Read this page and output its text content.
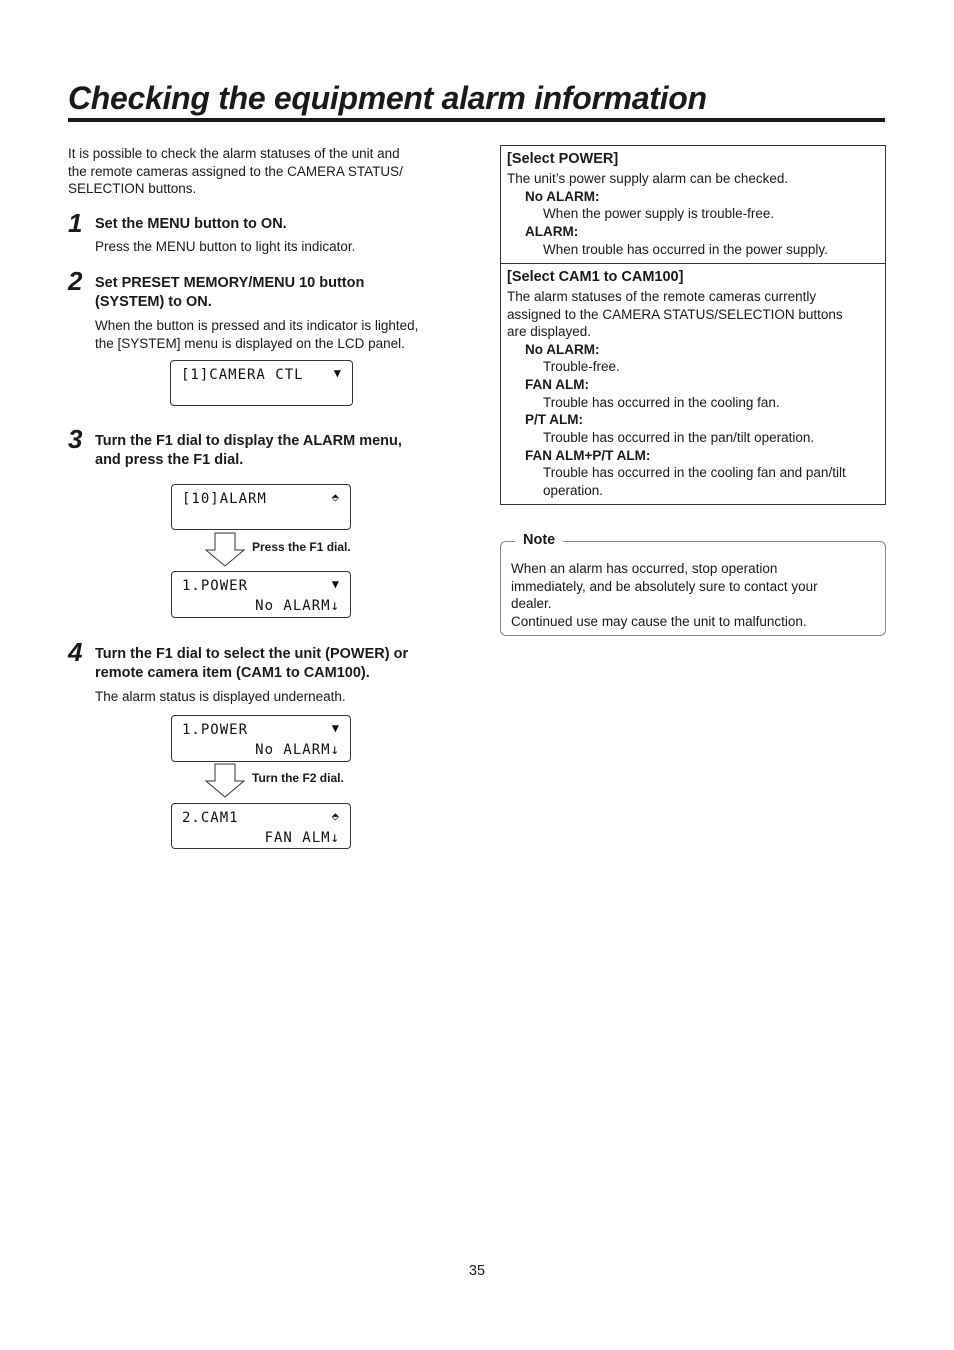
Checking the equipment alarm information
It is possible to check the alarm statuses of the unit and
the remote cameras assigned to the CAMERA STATUS/
SELECTION buttons.
1 Set the MENU button to ON.
Press the MENU button to light its indicator.
2 Set PRESET MEMORY/MENU 10 button
(SYSTEM) to ON.
When the button is pressed and its indicator is lighted,
the [SYSTEM] menu is displayed on the LCD panel.
[1]CAMERA CTL	▼
3 Turn the F1 dial to display the ALARM menu,
and press the F1 dial.
[10]ALARM	⬘
Press the F1 dial.
1.POWER	▼
No ALARM↓
4 Turn the F1 dial to select the unit (POWER) or
remote camera item (CAM1 to CAM100).
The alarm status is displayed underneath.
1.POWER	▼
No ALARM↓
Turn the F2 dial.
2.CAM1	⬘
FAN ALM↓
[Select POWER]
The unit’s power supply alarm can be checked.
No ALARM:
When the power supply is trouble-free.
ALARM:
When trouble has occurred in the power supply.
[Select CAM1 to CAM100]
The alarm statuses of the remote cameras currently
assigned to the CAMERA STATUS/SELECTION buttons
are displayed.
No ALARM:
Trouble-free.
FAN ALM:
Trouble has occurred in the cooling fan.
P/T ALM:
Trouble has occurred in the pan/tilt operation.
FAN ALM+P/T ALM:
Trouble has occurred in the cooling fan and pan/tilt
operation.
Note
When an alarm has occurred, stop operation
immediately, and be absolutely sure to contact your
dealer.
Continued use may cause the unit to malfunction.
35
